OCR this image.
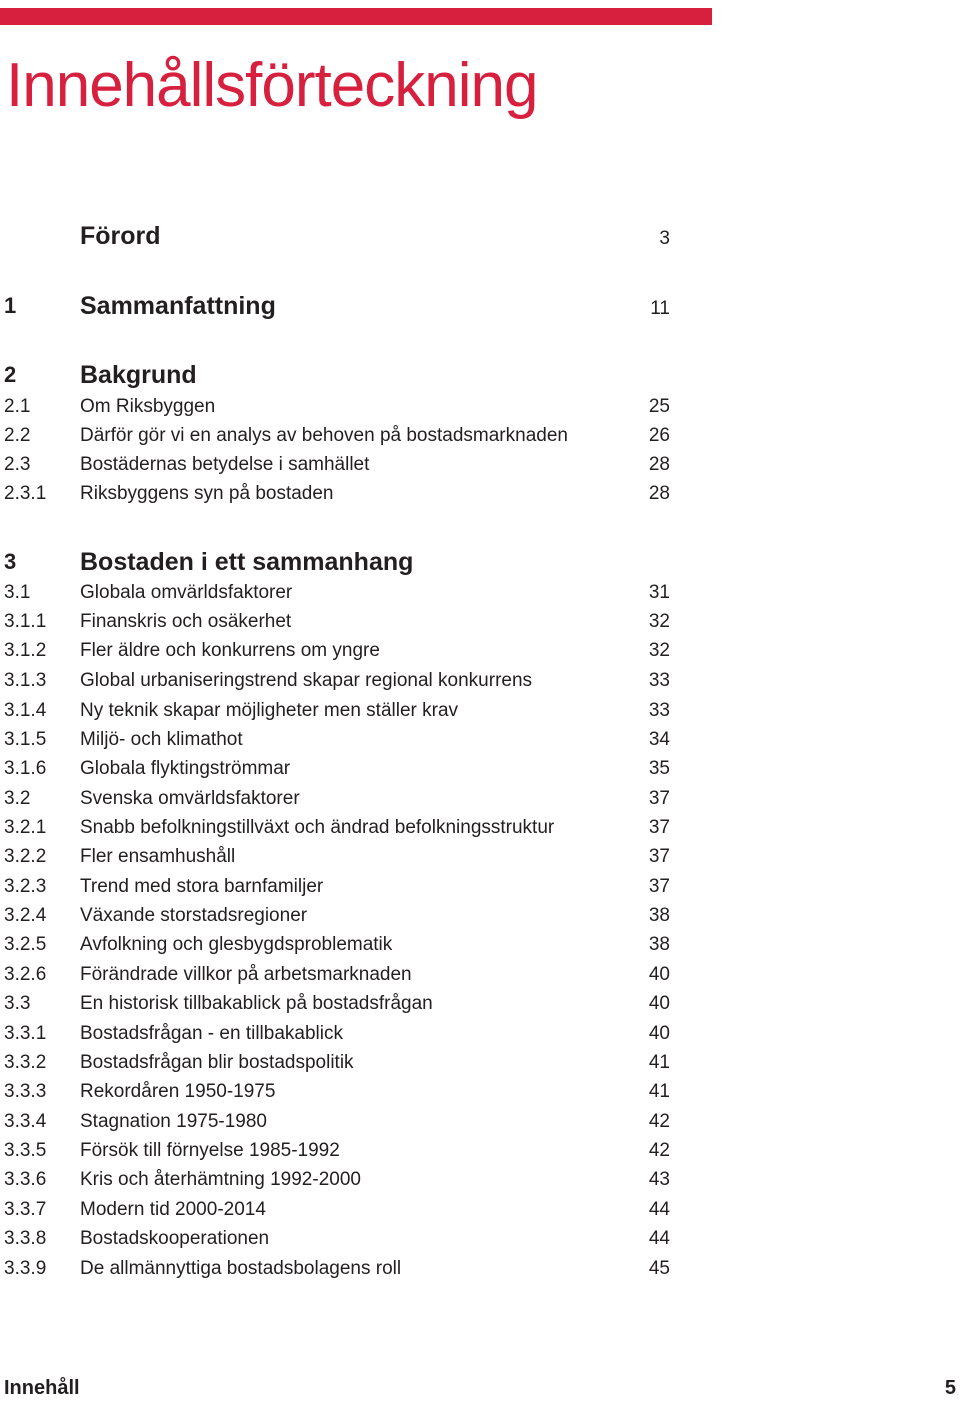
Innehållsförteckning
Förord	3
1	Sammanfattning	11
2	Bakgrund
2.1	Om Riksbyggen	25
2.2	Därför gör vi en analys av behoven på bostadsmarknaden	26
2.3	Bostädernas betydelse i samhället	28
2.3.1 Riksbyggens syn på bostaden	28
3	Bostaden i ett sammanhang
3.1	Globala omvärldsfaktorer	31
3.1.1 Finanskris och osäkerhet	32
3.1.2 Fler äldre och konkurrens om yngre	32
3.1.3 Global urbaniseringstrend skapar regional konkurrens	33
3.1.4 Ny teknik skapar möjligheter men ställer krav	33
3.1.5 Miljö- och klimathot	34
3.1.6 Globala flyktingströmmar	35
3.2	Svenska omvärldsfaktorer	37
3.2.1 Snabb befolkningstillväxt och ändrad befolkningsstruktur	37
3.2.2 Fler ensamhushåll	37
3.2.3 Trend med stora barnfamiljer	37
3.2.4 Växande storstadsregioner	38
3.2.5 Avfolkning och glesbygdsproblematik	38
3.2.6 Förändrade villkor på arbetsmarknaden	40
3.3	En historisk tillbakablick på bostadsfrågan	40
3.3.1 Bostadsfrågan - en tillbakablick	40
3.3.2 Bostadsfrågan blir bostadspolitik	41
3.3.3 Rekordåren 1950-1975	41
3.3.4 Stagnation 1975-1980	42
3.3.5 Försök till förnyelse 1985-1992	42
3.3.6 Kris och återhämtning 1992-2000	43
3.3.7 Modern tid 2000-2014	44
3.3.8 Bostadskooperationen	44
3.3.9 De allmännyttiga bostadsbolagens roll	45
Innehåll	5
